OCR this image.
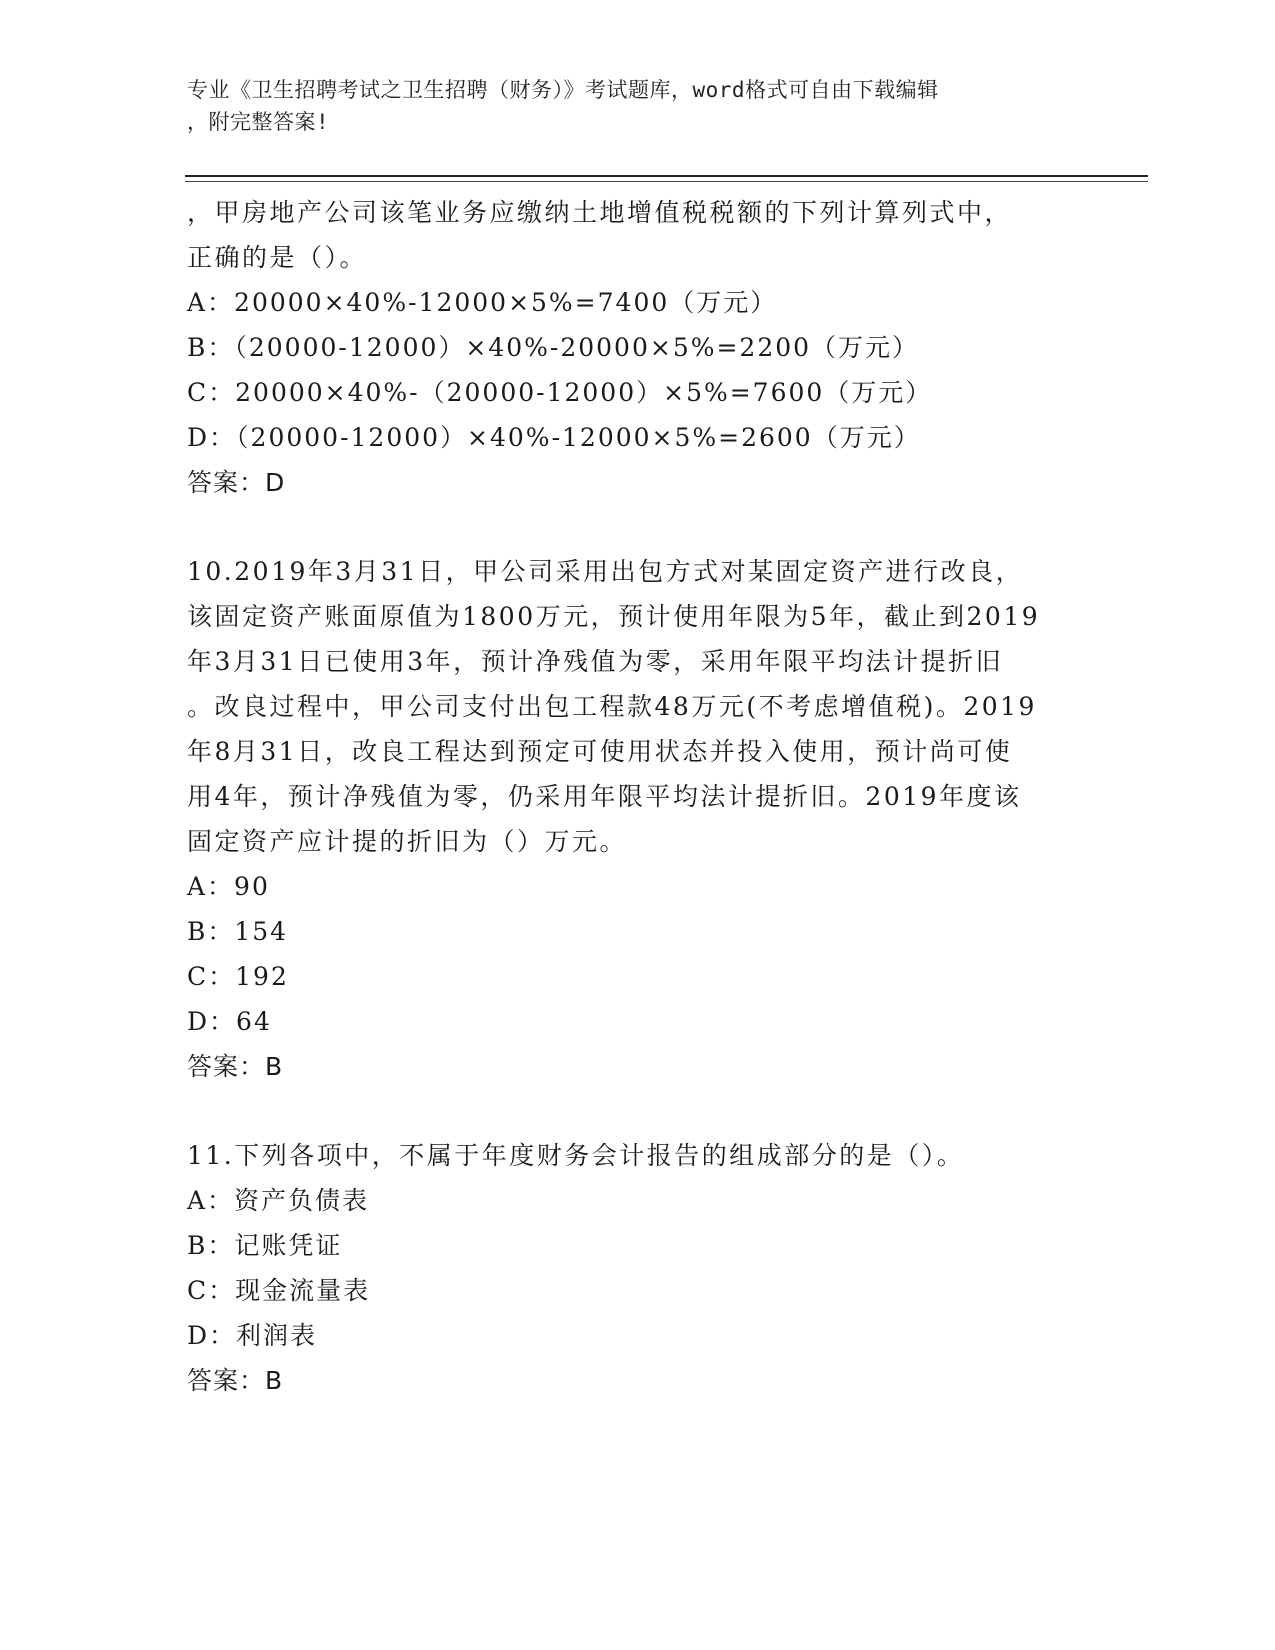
专业《卫生招聘考试之卫生招聘（财务）》考试题库，word格式可自由下载编辑

，附完整答案!

，甲房地产公司该笔业务应缴纳土地增值税税额的下列计算列式中，
正确的是（）。
A：20000×40%-12000×5%=7400（万元）
B：（20000-12000）×40%-20000×5%=2200（万元）
C：20000×40%-（20000-12000）×5%=7600（万元）
D：（20000-12000）×40%-12000×5%=2600（万元）
答案：D
10.2019年3月31日，甲公司采用出包方式对某固定资产进行改良，
该固定资产账面原值为1800万元，预计使用年限为5年，截止到2019
年3月31日已使用3年，预计净残值为零，采用年限平均法计提折旧
。改良过程中，甲公司支付出包工程款48万元(不考虑增值税)。2019
年8月31日，改良工程达到预定可使用状态并投入使用，预计尚可使
用4年，预计净残值为零，仍采用年限平均法计提折旧。2019年度该
固定资产应计提的折旧为（）万元。
A：90
B：154
C：192
D：64
答案：B
11.下列各项中，不属于年度财务会计报告的组成部分的是（）。
A：资产负债表
B：记账凭证
C：现金流量表
D：利润表
答案：B
